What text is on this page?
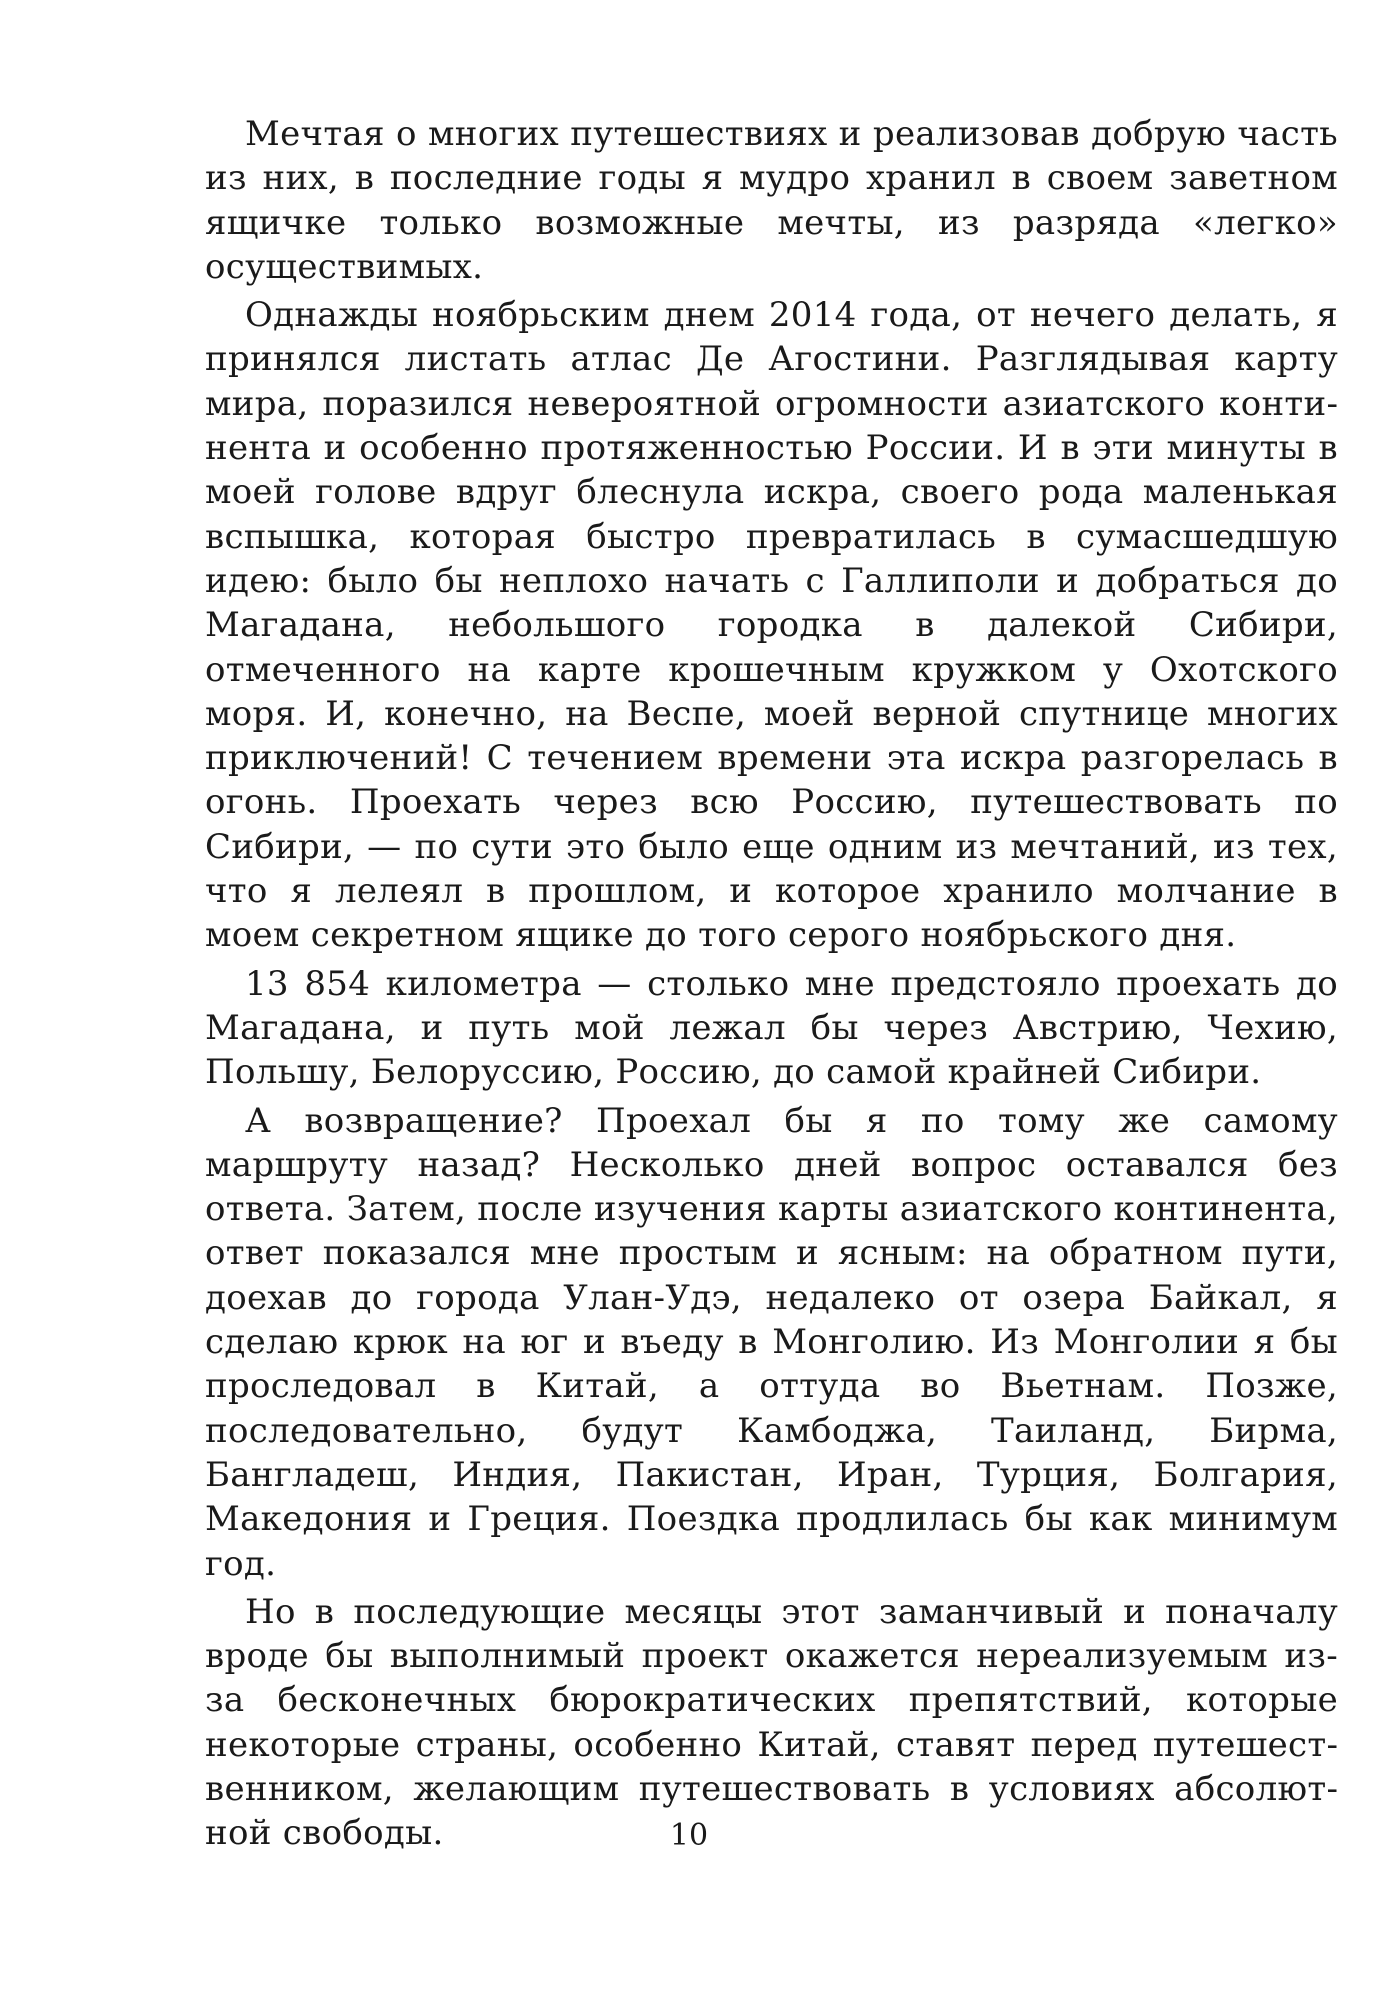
Мечтая о многих путешествиях и реализовав добрую часть из них, в последние годы я мудро хранил в своем заветном ящичке только возможные мечты, из разряда «легко» осуществимых.

Однажды ноябрьским днем 2014 года, от нечего делать, я принялся листать атлас Де Агостини. Разглядывая карту мира, поразился невероятной огромности азиатского континента и особенно протяженностью России. И в эти минуты в моей голове вдруг блеснула искра, своего рода маленькая вспышка, которая быстро превратилась в сумасшедшую идею: было бы неплохо начать с Галлиполи и добраться до Магадана, небольшого городка в далекой Сибири, отмеченного на карте крошечным кружком у Охотского моря. И, конечно, на Веспе, моей верной спутнице многих приключений! С течением времени эта искра разгорелась в огонь. Проехать через всю Россию, путешествовать по Сибири, — по сути это было еще одним из мечтаний, из тех, что я лелеял в прошлом, и которое хранило молчание в моем секретном ящике до того серого ноябрьского дня.

13 854 километра — столько мне предстояло проехать до Магадана, и путь мой лежал бы через Австрию, Чехию, Польшу, Белоруссию, Россию, до самой крайней Сибири.

А возвращение? Проехал бы я по тому же самому маршруту назад? Несколько дней вопрос оставался без ответа. Затем, после изучения карты азиатского континента, ответ показался мне простым и ясным: на обратном пути, доехав до города Улан-Удэ, недалеко от озера Байкал, я сделаю крюк на юг и въеду в Монголию. Из Монголии я бы проследовал в Китай, а оттуда во Вьетнам. Позже, последовательно, будут Камбоджа, Таиланд, Бирма, Бангладеш, Индия, Пакистан, Иран, Турция, Болгария, Македония и Греция. Поездка продлилась бы как минимум год.

Но в последующие месяцы этот заманчивый и поначалу вроде бы выполнимый проект окажется нереализуемым из-за бесконечных бюрократических препятствий, которые некоторые страны, особенно Китай, ставят перед путешественником, желающим путешествовать в условиях абсолютной свободы.	10
